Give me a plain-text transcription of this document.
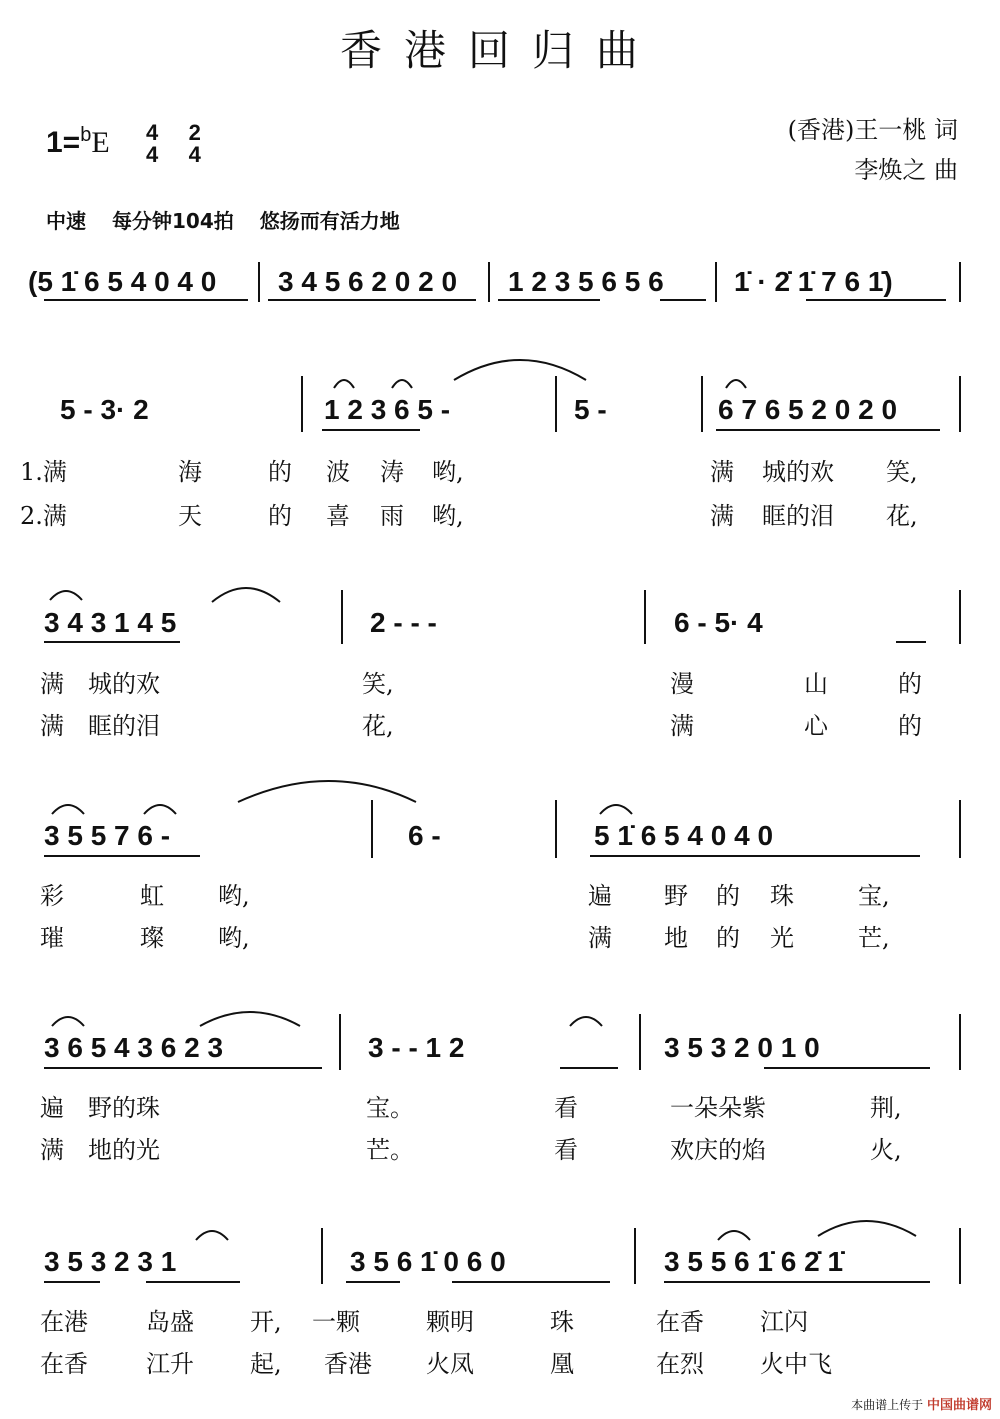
香港回归曲
1=$^b$E 4
4

2
4
(香港)王一桃 词
李焕之 曲
中速 每分钟104拍 悠扬而有活力地
(5 1̇ 6 5 4 0 4 0 3 4 5 6 2 0 2 0 1 2 3 5 6 5 6	1̇ · 2̇ 1̇ 7 6 1̇)
5 - 3· 2	1 2 3 6 5 -	5 -	6 7 6 5 2 0 2 0
1.满	海	的 波 涛 哟,	满 城的欢 笑,
2.满	天	的 喜 雨 哟,	满 眶的泪 花,
3 4 3 1 4 5	2 - - -	6 - 5· 4
满 城的欢	笑,	漫	山	的
满 眶的泪	花,	满	心	的
3 5 5 7 6 -	6 -	5 1̇ 6 5 4 0 4 0
彩	虹 哟,	遍 野 的 珠	宝,
璀	璨 哟,	满 地 的 光	芒,
3 6 5 4 3 6 2 3	3 - - 1 2	3 5 3 2 0 1 0
遍 野的珠	宝。	看	一朵朵紫	荆,
满 地的光	芒。	看	欢庆的焰	火,
3 5 3 2 3 1	3 5 6 1̇ 0 6 0	3 5 5 6 1̇ 6 2̇ 1̇
在港 岛盛 开, 一颗	颗明	珠	在香 江闪
在香 江升 起, 香港 火凤	凰	在烈 火中飞
本曲谱上传于 中国曲谱网
